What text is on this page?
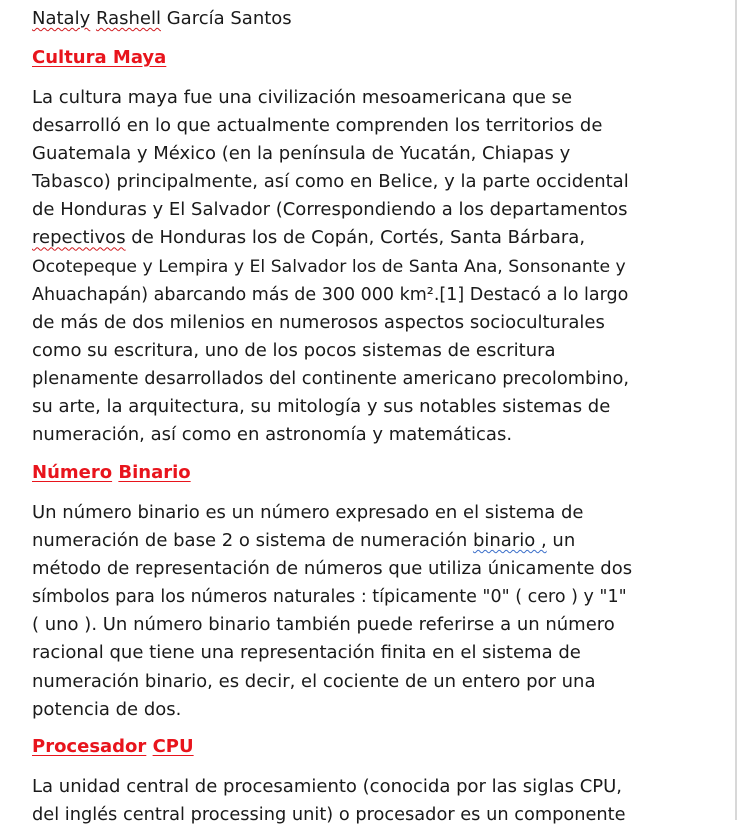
Nataly Rashell García Santos
Cultura Maya
La cultura maya fue una civilización mesoamericana que se
desarrolló en lo que actualmente comprenden los territorios de
Guatemala y México (en la península de Yucatán, Chiapas y
Tabasco) principalmente, así como en Belice, y la parte occidental
de Honduras y El Salvador (Correspondiendo a los departamentos
repectivos de Honduras los de Copán, Cortés, Santa Bárbara,
Ocotepeque y Lempira y El Salvador los de Santa Ana, Sonsonante y
Ahuachapán) abarcando más de 300 000 km².[1] Destacó a lo largo
de más de dos milenios en numerosos aspectos socioculturales
como su escritura, uno de los pocos sistemas de escritura
plenamente desarrollados del continente americano precolombino,
su arte, la arquitectura, su mitología y sus notables sistemas de
numeración, así como en astronomía y matemáticas.
Número Binario
Un número binario es un número expresado en el sistema de
numeración de base 2 o sistema de numeración binario , un
método de representación de números que utiliza únicamente dos
símbolos para los números naturales : típicamente "0" ( cero ) y "1"
( uno ). Un número binario también puede referirse a un número
racional que tiene una representación finita en el sistema de
numeración binario, es decir, el cociente de un entero por una
potencia de dos.
Procesador CPU
La unidad central de procesamiento (conocida por las siglas CPU,
del inglés central processing unit) o procesador es un componente
